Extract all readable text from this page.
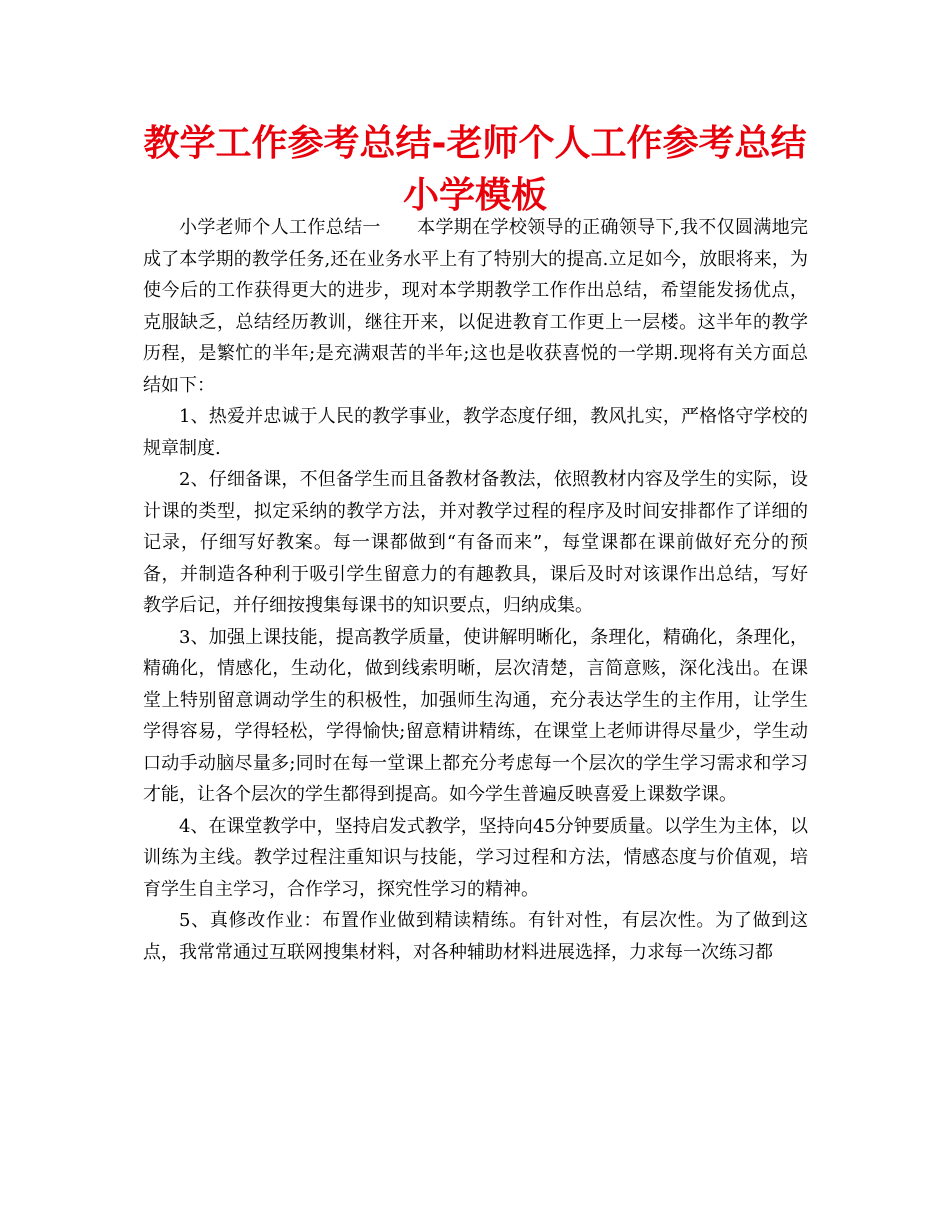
教学工作参考总结-老师个人工作参考总结小学模板

小学老师个人工作总结一 本学期在学校领导的正确领导下,我不仅圆满地完成了本学期的教学任务,还在业务水平上有了特别大的提高.立足如今，放眼将来，为使今后的工作获得更大的进步，现对本学期教学工作作出总结，希望能发扬优点，克服缺乏，总结经历教训，继往开来，以促进教育工作更上一层楼。这半年的教学历程，是繁忙的半年;是充满艰苦的半年;这也是收获喜悦的一学期.现将有关方面总结如下：

1、热爱并忠诚于人民的教学事业，教学态度仔细，教风扎实，严格恪守学校的规章制度.

2、仔细备课，不但备学生而且备教材备教法，依照教材内容及学生的实际，设计课的类型，拟定采纳的教学方法，并对教学过程的程序及时间安排都作了详细的记录，仔细写好教案。每一课都做到“有备而来”，每堂课都在课前做好充分的预备，并制造各种利于吸引学生留意力的有趣教具，课后及时对该课作出总结，写好教学后记，并仔细按搜集每课书的知识要点，归纳成集。

3、加强上课技能，提高教学质量，使讲解明晰化，条理化，精确化，条理化，精确化，情感化，生动化，做到线索明晰，层次清楚，言简意赅，深化浅出。在课堂上特别留意调动学生的积极性，加强师生沟通，充分表达学生的主作用，让学生学得容易，学得轻松，学得愉快;留意精讲精练，在课堂上老师讲得尽量少，学生动口动手动脑尽量多;同时在每一堂课上都充分考虑每一个层次的学生学习需求和学习才能，让各个层次的学生都得到提高。如今学生普遍反映喜爱上课数学课。

4、在课堂教学中，坚持启发式教学，坚持向45分钟要质量。以学生为主体，以训练为主线。教学过程注重知识与技能，学习过程和方法，情感态度与价值观，培育学生自主学习，合作学习，探究性学习的精神。

5、真修改作业：布置作业做到精读精练。有针对性，有层次性。为了做到这点，我常常通过互联网搜集材料，对各种辅助材料进展选择，力求每一次练习都
